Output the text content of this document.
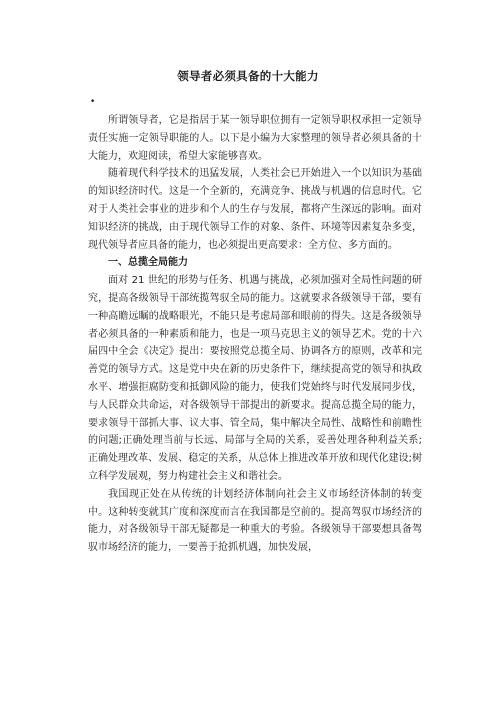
领导者必须具备的十大能力
•

所谓领导者，它是指居于某一领导职位拥有一定领导职权承担一定领导责任实施一定领导职能的人。以下是小编为大家整理的领导者必须具备的十大能力，欢迎阅读，希望大家能够喜欢。

随着现代科学技术的迅猛发展，人类社会已开始进入一个以知识为基础的知识经济时代。这是一个全新的，充满竞争、挑战与机遇的信息时代。它对于人类社会事业的进步和个人的生存与发展，都将产生深远的影响。面对知识经济的挑战，由于现代领导工作的对象、条件、环境等因素复杂多变，现代领导者应具备的能力，也必须提出更高要求：全方位、多方面的。

一、总揽全局能力

面对 21 世纪的形势与任务、机遇与挑战，必须加强对全局性问题的研究，提高各级领导干部统揽驾驭全局的能力。这就要求各级领导干部，要有一种高瞻远瞩的战略眼光，不能只是考虑局部和眼前的得失。这是各级领导者必须具备的一种素质和能力，也是一项马克思主义的领导艺术。党的十六届四中全会《决定》提出：要按照党总揽全局、协调各方的原则，改革和完善党的领导方式。这是党中央在新的历史条件下，继续提高党的领导和执政水平、增强拒腐防变和抵御风险的能力，使我们党始终与时代发展同步伐，与人民群众共命运，对各级领导干部提出的新要求。提高总揽全局的能力，要求领导干部抓大事、议大事、管全局，集中解决全局性、战略性和前瞻性的问题;正确处理当前与长远、局部与全局的关系，妥善处理各种利益关系;正确处理改革、发展、稳定的关系，从总体上推进改革开放和现代化建设;树立科学发展观，努力构建社会主义和谐社会。

我国现正处在从传统的计划经济体制向社会主义市场经济体制的转变中。这种转变就其广度和深度而言在我国都是空前的。提高驾驭市场经济的能力，对各级领导干部无疑都是一种重大的考验。各级领导干部要想具备驾驭市场经济的能力，一要善于抢抓机遇，加快发展，
